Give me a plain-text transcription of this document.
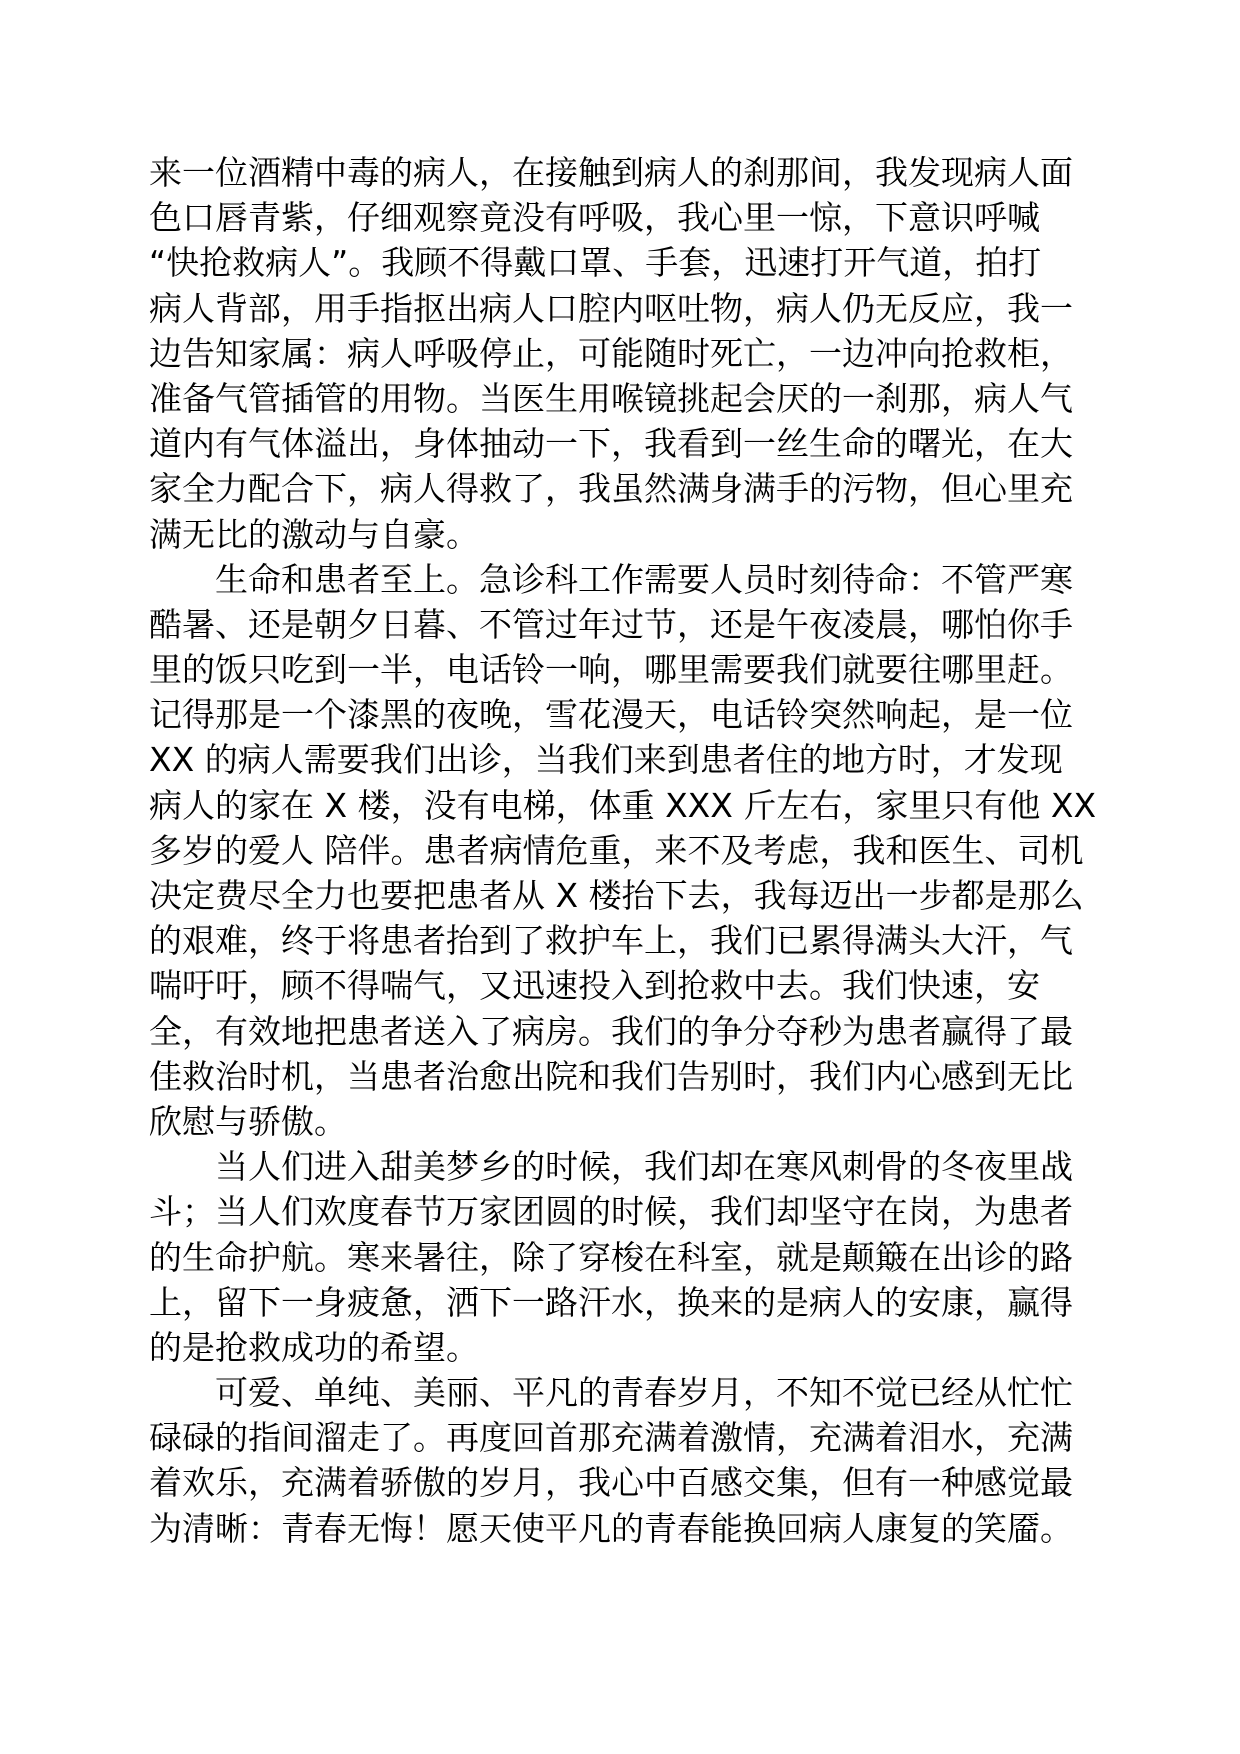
来一位酒精中毒的病人，在接触到病人的刹那间，我发现病人面
色口唇青紫，仔细观察竟没有呼吸，我心里一惊，下意识呼喊
“快抢救病人”。我顾不得戴口罩、手套，迅速打开气道，拍打
病人背部，用手指抠出病人口腔内呕吐物，病人仍无反应，我一
边告知家属：病人呼吸停止，可能随时死亡，一边冲向抢救柜，
准备气管插管的用物。当医生用喉镜挑起会厌的一刹那，病人气
道内有气体溢出，身体抽动一下，我看到一丝生命的曙光，在大
家全力配合下，病人得救了，我虽然满身满手的污物，但心里充
满无比的激动与自豪。
生命和患者至上。急诊科工作需要人员时刻待命：不管严寒
酷暑、还是朝夕日暮、不管过年过节，还是午夜凌晨，哪怕你手
里的饭只吃到一半，电话铃一响，哪里需要我们就要往哪里赶。
记得那是一个漆黑的夜晚，雪花漫天，电话铃突然响起，是一位
XX 的病人需要我们出诊，当我们来到患者住的地方时，才发现
病人的家在 X 楼，没有电梯，体重 XXX 斤左右，家里只有他 XX
多岁的爱人 陪伴。患者病情危重，来不及考虑，我和医生、司机
决定费尽全力也要把患者从 X 楼抬下去，我每迈出一步都是那么
的艰难，终于将患者抬到了救护车上，我们已累得满头大汗，气
喘吁吁，顾不得喘气，又迅速投入到抢救中去。我们快速，安
全，有效地把患者送入了病房。我们的争分夺秒为患者赢得了最
佳救治时机，当患者治愈出院和我们告别时，我们内心感到无比
欣慰与骄傲。
当人们进入甜美梦乡的时候，我们却在寒风刺骨的冬夜里战
斗；当人们欢度春节万家团圆的时候，我们却坚守在岗，为患者
的生命护航。寒来暑往，除了穿梭在科室，就是颠簸在出诊的路
上，留下一身疲惫，洒下一路汗水，换来的是病人的安康，赢得
的是抢救成功的希望。
可爱、单纯、美丽、平凡的青春岁月，不知不觉已经从忙忙
碌碌的指间溜走了。再度回首那充满着激情，充满着泪水，充满
着欢乐，充满着骄傲的岁月，我心中百感交集，但有一种感觉最
为清晰：青春无悔！愿天使平凡的青春能换回病人康复的笑靥。
